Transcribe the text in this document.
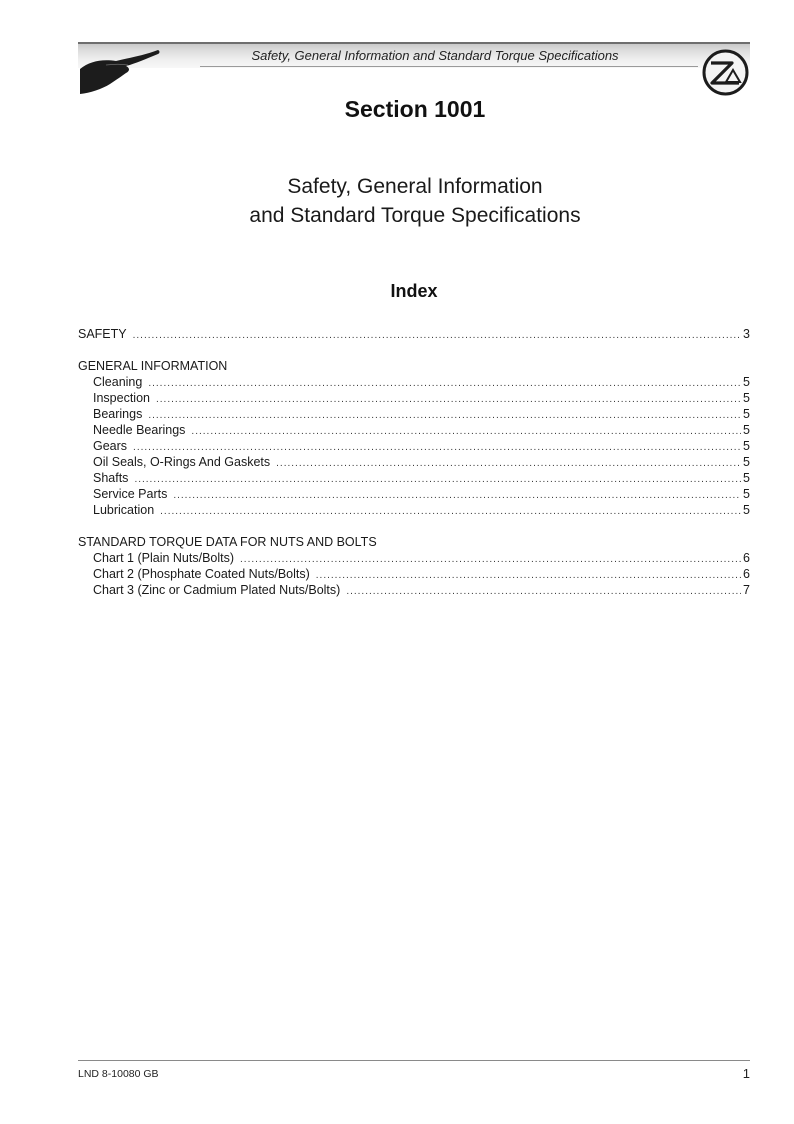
Safety, General Information and Standard Torque Specifications
Section 1001
Safety, General Information
and Standard Torque Specifications
Index
SAFETY .....	3
GENERAL INFORMATION
Cleaning .....	5
Inspection .....	5
Bearings .....	5
Needle Bearings .....	5
Gears .....	5
Oil Seals, O-Rings And Gaskets .....	5
Shafts .....	5
Service Parts .....	5
Lubrication .....	5
STANDARD TORQUE DATA FOR NUTS AND BOLTS
Chart 1 (Plain Nuts/Bolts) .....	6
Chart 2 (Phosphate Coated Nuts/Bolts) .....	6
Chart 3 (Zinc or Cadmium Plated Nuts/Bolts) .....	7
LND 8-10080 GB	1
